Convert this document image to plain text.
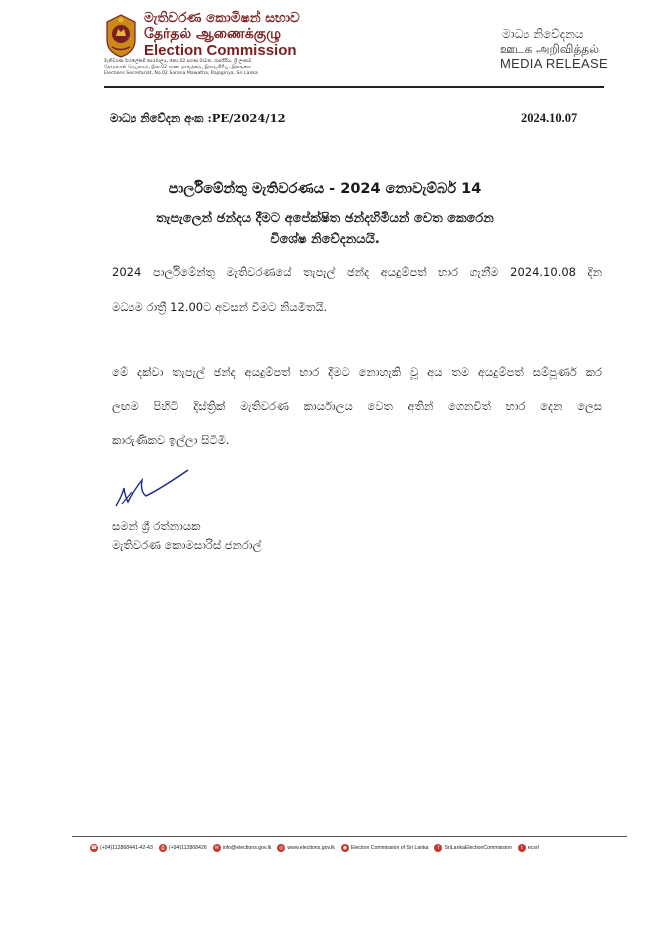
මැතිවරණ කොමිෂන් සභාව
தேர்தல் ஆணைக்குழு
Election Commission
මැතිවරණ මහලේකම් කාර්යාලය, නො.02 සරණ මාවත, රාජගිරිය, ශ්‍රී ලංකාව
தேர்தல்கள் செயலகம், இல.02 சரண மாவத்தை, இராஜகிரிய, இலங்கை
Elections Secretariat, No.02 Sarana Mawatha, Rajagiriya, Sri Lanka
මාධ්‍ය නිවේදනය
ஊடக அறிவித்தல்
MEDIA RELEASE
මාධ්‍ය නිවේදන අංක :PE/2024/12	2024.10.07
පාර්ලිමේන්තු මැතිවරණය - 2024 නොවැම්බර් 14
තැපැලෙන් ඡන්දය දීමට අපේක්ෂිත ඡන්දහිමියන් වෙත කෙරෙන
විශේෂ නිවේදනයයි.
2024 පාර්ලිමේන්තු මැතිවරණයේ තැපැල් ඡන්ද අයදුම්පත් භාර ගැනීම 2024.10.08 දින
මධ්‍යම රාත්‍රී 12.00ට අවසන් වීමට නියමිතයි.
මේ දක්වා තැපැල් ඡන්ද අයදුම්පත් භාර දීමට නොහැකි වූ අය තම අයදුම්පත් සම්පූර්ණ කර
ලඟම පිහිටි දිස්ත්‍රික් මැතිවරණ කාර්යාලය වෙත අතින් ගෙනවිත් භාර දෙන ලෙස
කාරුණිකව ඉල්ලා සිටිමි.
සමන් ශ්‍රී රත්නායක
මැතිවරණ කොමසාරිස් ජනරාල්
☎ (+94)112868441-42-43	⎙ (+94)112868426	✉ info@elections.gov.lk	◎ www.elections.gov.lk	◉ Election Commission of Sri Lanka	f	SriLankaElectionCommission	t	ecsrl
